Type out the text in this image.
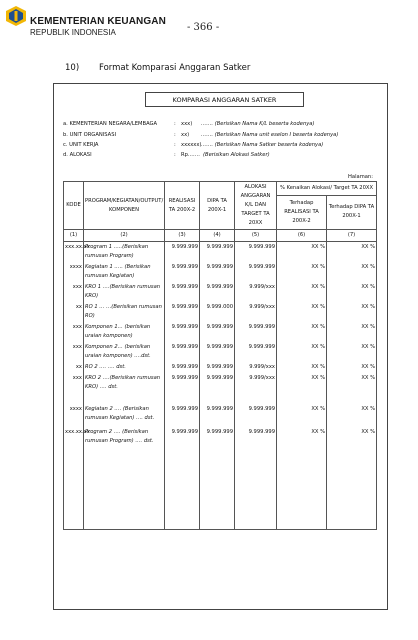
KEMENTERIAN KEUANGAN
REPUBLIK INDONESIA	- 366 -
10) Format Komparasi Anggaran Satker
KOMPARASI ANGGARAN SATKER
a. KEMENTERIAN NEGARA/LEMBAGA	: xxx) ……. (Berisikan Nama K/L beserta kodenya)
b. UNIT ORGANISASI	: xx) ……. (Berisikan Nama unit eselon I beserta kodenya)
c. UNIT KERJA	: xxxxxx) ……. (Berisikan Nama Satker beserta kodenya)
d. ALOKASI	: Rp.…… (Berisikan Alokasi Satker)
Halaman:
KODE	PROGRAM/KEGIATAN/OUTPUT/ KOMPONEN	REALISASI TA 200X-2	DIPA TA 200X-1	ALOKASI ANGGARAN K/L DAN TARGET TA 20XX	% Kenaikan Alokasi/ Target TA 20XX	
					Terhadap REALISASI TA 200X-2	Terhadap DIPA TA 200X-1
(1)	(2)	(3)	(4)	(5)	(6)	(7)
xxx.xx.xx	Program 1 …..(Berisikan rumusan Program)	9.999.999	9.999.999	9.999.999	XX %	XX %
xxxx	Kegiatan 1 ….. (Berisikan rumusan Kegiatan)	9.999.999	9.999.999	9.999.999	XX %	XX %
xxx	KRO 1 ….(Berisikan rumusan KRO)	9.999.999	9.999.999	9.999/xxx	XX %	XX %
xx	RO 1 … …(Berisikan rumusan RO)	9.999.999	9.999.000	9.999/xxx	XX %	XX %
xxx	Komponen 1… (berisikan uraian komponen)	9.999.999	9.999.999	9.999.999	XX %	XX %
xxx	Komponen 2… (berisikan uraian komponen) ….dst.	9.999.999	9.999.999	9.999.999	XX %	XX %
xx	RO 2 …. …. dst.	9.999.999	9.999.999	9.999/xxx	XX %	XX %
xxx	KRO 2 ….(Berisikan rumusan KRO) …. dst.	9.999.999	9.999.999	9.999/xxx	XX %	XX %
xxxx	Kegiatan 2 …. (Berisikan rumusan Kegiatan) …. dst.	9.999.999	9.999.999	9.999.999	XX %	XX %
xxx.xx.xx	Program 2 …. (Berisikan rumusan Program) …. dst.	9.999.999	9.999.999	9.999.999	XX %	XX %
